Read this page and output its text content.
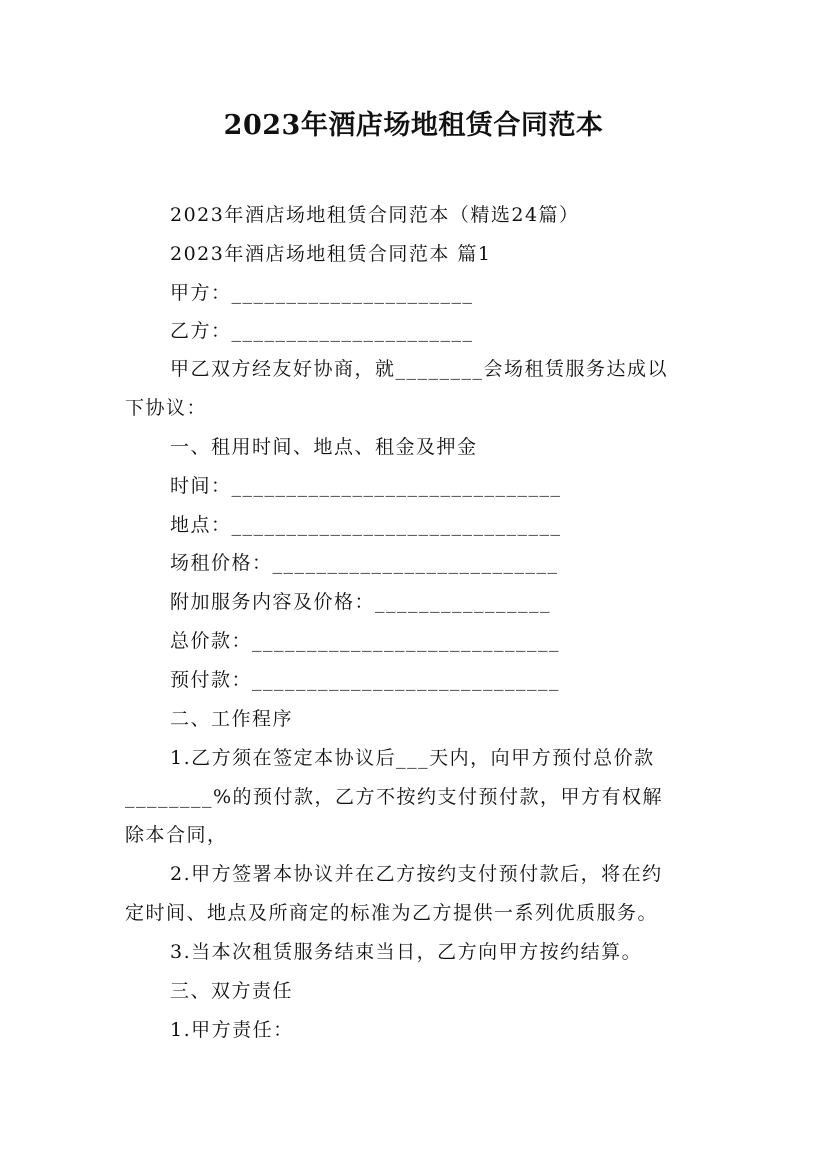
2023年酒店场地租赁合同范本
2023年酒店场地租赁合同范本（精选24篇）
2023年酒店场地租赁合同范本 篇1
甲方：______________________
乙方：______________________
甲乙双方经友好协商，就________会场租赁服务达成以
下协议：
一、租用时间、地点、租金及押金
时间：______________________________
地点：______________________________
场租价格：__________________________
附加服务内容及价格：________________
总价款：____________________________
预付款：____________________________
二、工作程序
1.乙方须在签定本协议后___天内，向甲方预付总价款
________%的预付款，乙方不按约支付预付款，甲方有权解
除本合同，
2.甲方签署本协议并在乙方按约支付预付款后，将在约
定时间、地点及所商定的标准为乙方提供一系列优质服务。
3.当本次租赁服务结束当日，乙方向甲方按约结算。
三、双方责任
1.甲方责任：
